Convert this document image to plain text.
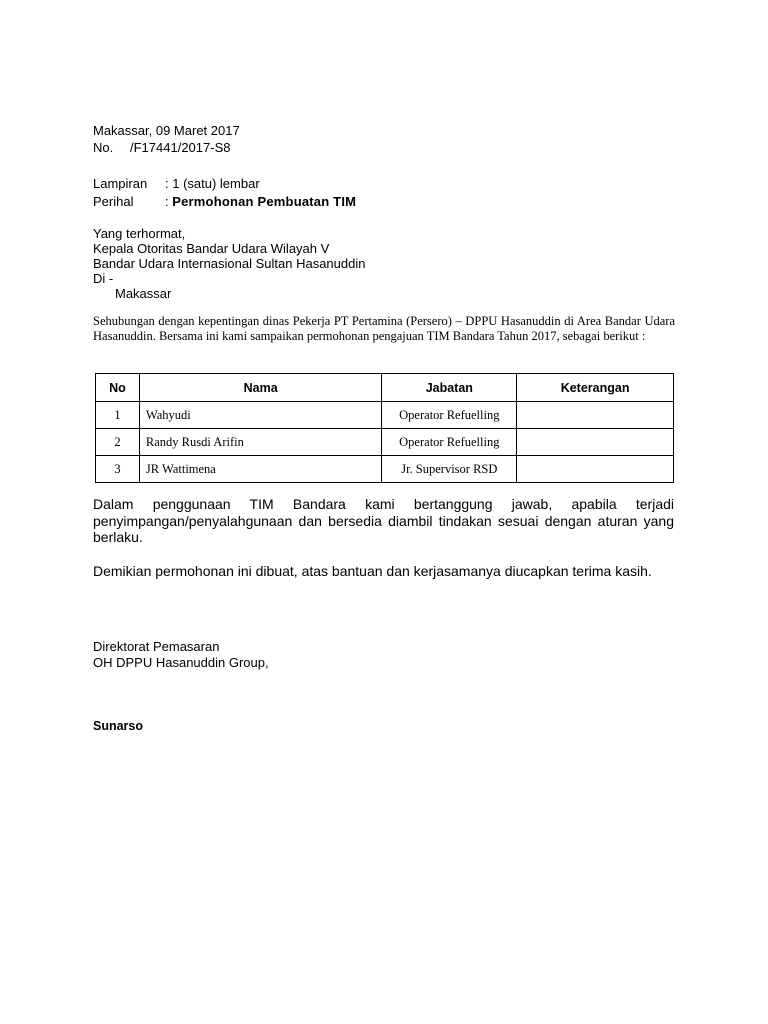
Makassar, 09 Maret 2017
No. /F17441/2017-S8
Lampiran : 1 (satu) lembar
Perihal : Permohonan Pembuatan TIM
Yang terhormat,
Kepala Otoritas Bandar Udara Wilayah V
Bandar Udara Internasional Sultan Hasanuddin
Di -
Makassar
Sehubungan dengan kepentingan dinas Pekerja PT Pertamina (Persero) – DPPU Hasanuddin di Area Bandar Udara Hasanuddin. Bersama ini kami sampaikan permohonan pengajuan TIM Bandara Tahun 2017, sebagai berikut :
No	Nama	Jabatan	Keterangan
1	Wahyudi	Operator Refuelling	
2	Randy Rusdi Arifin	Operator Refuelling	
3	JR Wattimena	Jr. Supervisor RSD	
Dalam penggunaan TIM Bandara kami bertanggung jawab, apabila terjadi penyimpangan/penyalahgunaan dan bersedia diambil tindakan sesuai dengan aturan yang berlaku.
Demikian permohonan ini dibuat, atas bantuan dan kerjasamanya diucapkan terima kasih.
Direktorat Pemasaran
OH DPPU Hasanuddin Group,
Sunarso
